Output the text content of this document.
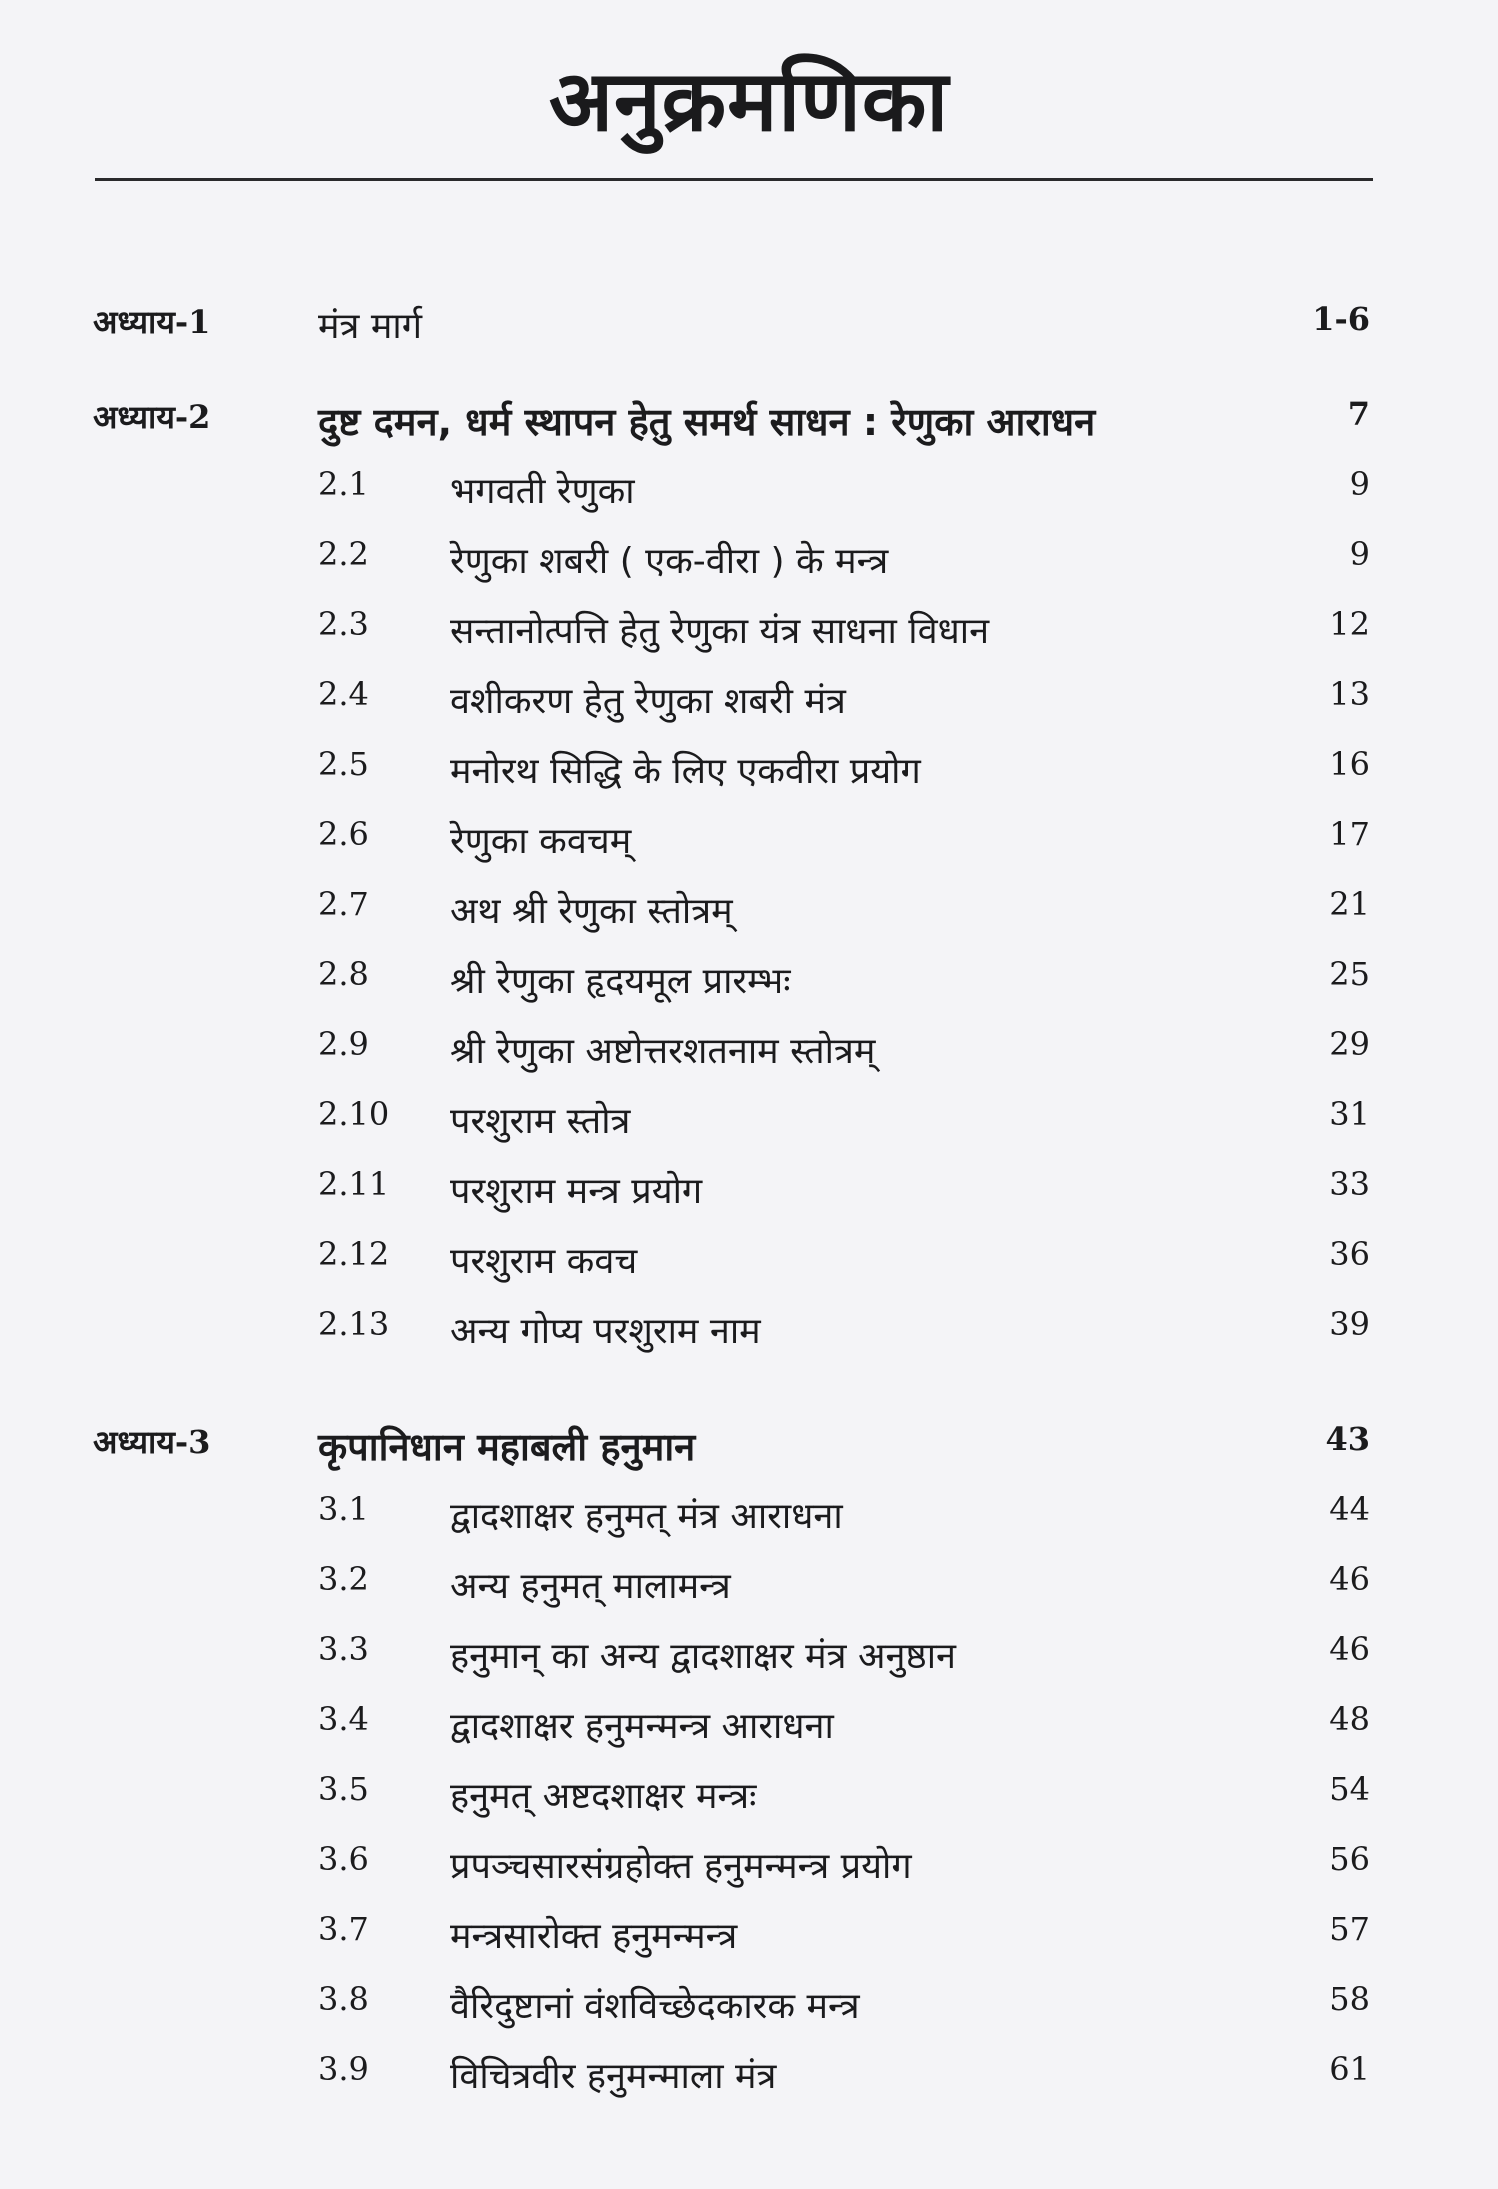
अनुक्रमणिका
अध्याय-1	मंत्र मार्ग	1-6
अध्याय-2	दुष्ट दमन, धर्म स्थापन हेतु समर्थ साधन : रेणुका आराधन	7
2.1 भगवती रेणुका	9
2.2 रेणुका शबरी ( एक-वीरा ) के मन्त्र	9
2.3 सन्तानोत्पत्ति हेतु रेणुका यंत्र साधना विधान	12
2.4 वशीकरण हेतु रेणुका शबरी मंत्र	13
2.5 मनोरथ सिद्धि के लिए एकवीरा प्रयोग	16
2.6 रेणुका कवचम्	17
2.7 अथ श्री रेणुका स्तोत्रम्	21
2.8 श्री रेणुका हृदयमूल प्रारम्भः	25
2.9 श्री रेणुका अष्टोत्तरशतनाम स्तोत्रम्	29
2.10 परशुराम स्तोत्र	31
2.11 परशुराम मन्त्र प्रयोग	33
2.12 परशुराम कवच	36
2.13 अन्य गोप्य परशुराम नाम	39
अध्याय-3	कृपानिधान महाबली हनुमान	43
3.1 द्वादशाक्षर हनुमत् मंत्र आराधना	44
3.2 अन्य हनुमत् मालामन्त्र	46
3.3 हनुमान् का अन्य द्वादशाक्षर मंत्र अनुष्ठान	46
3.4 द्वादशाक्षर हनुमन्मन्त्र आराधना	48
3.5 हनुमत् अष्टदशाक्षर मन्त्रः	54
3.6 प्रपञ्चसारसंग्रहोक्त हनुमन्मन्त्र प्रयोग	56
3.7 मन्त्रसारोक्त हनुमन्मन्त्र	57
3.8 वैरिदुष्टानां वंशविच्छेदकारक मन्त्र	58
3.9 विचित्रवीर हनुमन्माला मंत्र	61
